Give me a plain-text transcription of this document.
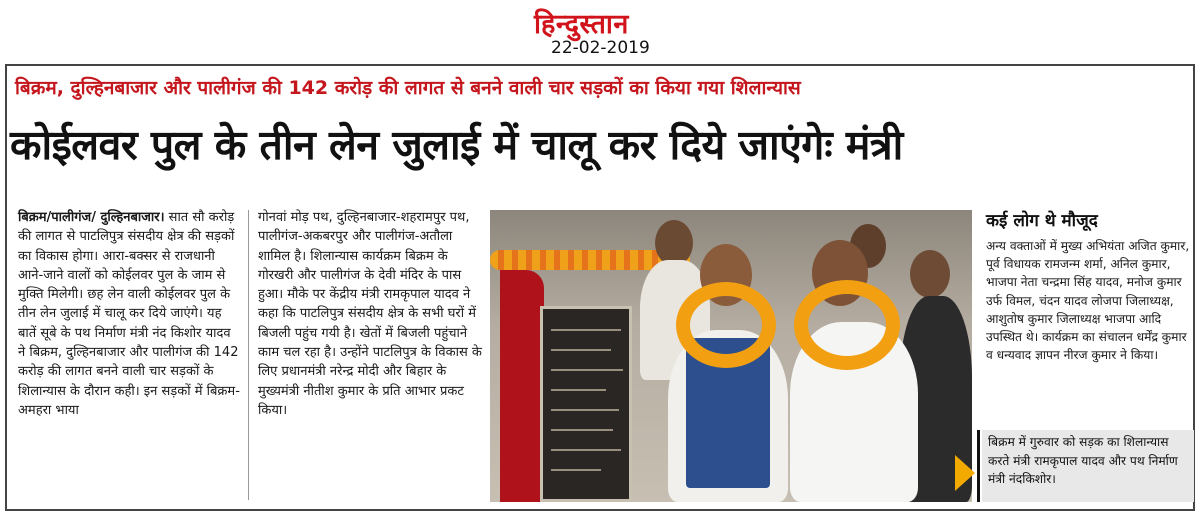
हिन्दुस्तान
22-02-2019
बिक्रम, दुल्हिनबाजार और पालीगंज की 142 करोड़ की लागत से बनने वाली चार सड़कों का किया गया शिलान्यास
कोईलवर पुल के तीन लेन जुलाई में चालू कर दिये जाएंगेः मंत्री
बिक्रम/पालीगंज/ दुल्हिनबाजार। सात सौ करोड़ की लागत से पाटलिपुत्र संसदीय क्षेत्र की सड़कों का विकास होगा। आरा-बक्सर से राजधानी आने-जाने वालों को कोईलवर पुल के जाम से मुक्ति मिलेगी। छह लेन वाली कोईलवर पुल के तीन लेन जुलाई में चालू कर दिये जाएंगे। यह बातें सूबे के पथ निर्माण मंत्री नंद किशोर यादव ने बिक्रम, दुल्हिनबाजार और पालीगंज की 142 करोड़ की लागत बनने वाली चार सड़कों के शिलान्यास के दौरान कही। इन सड़कों में बिक्रम-अमहरा भाया
गोनवां मोड़ पथ, दुल्हिनबाजार-शहरामपुर पथ, पालीगंज-अकबरपुर और पालीगंज-अतौला शामिल है। शिलान्यास कार्यक्रम बिक्रम के गोरखरी और पालीगंज के देवी मंदिर के पास हुआ। मौके पर केंद्रीय मंत्री रामकृपाल यादव ने कहा कि पाटलिपुत्र संसदीय क्षेत्र के सभी घरों में बिजली पहुंच गयी है। खेतों में बिजली पहुंचाने काम चल रहा है। उन्होंने पाटलिपुत्र के विकास के लिए प्रधानमंत्री नरेन्द्र मोदी और बिहार के मुख्यमंत्री नीतीश कुमार के प्रति आभार प्रकट किया।
कई लोग थे मौजूद
अन्य वक्ताओं में मुख्य अभियंता अजित कुमार, पूर्व विधायक रामजन्म शर्मा, अनिल कुमार, भाजपा नेता चन्द्रमा सिंह यादव, मनोज कुमार उर्फ विमल, चंदन यादव लोजपा जिलाध्यक्ष, आशुतोष कुमार जिलाध्यक्ष भाजपा आदि उपस्थित थे। कार्यक्रम का संचालन धर्मेंद्र कुमार व धन्यवाद ज्ञापन नीरज कुमार ने किया।
बिक्रम में गुरुवार को सड़क का शिलान्यास करते मंत्री रामकृपाल यादव और पथ निर्माण मंत्री नंदकिशोर।
